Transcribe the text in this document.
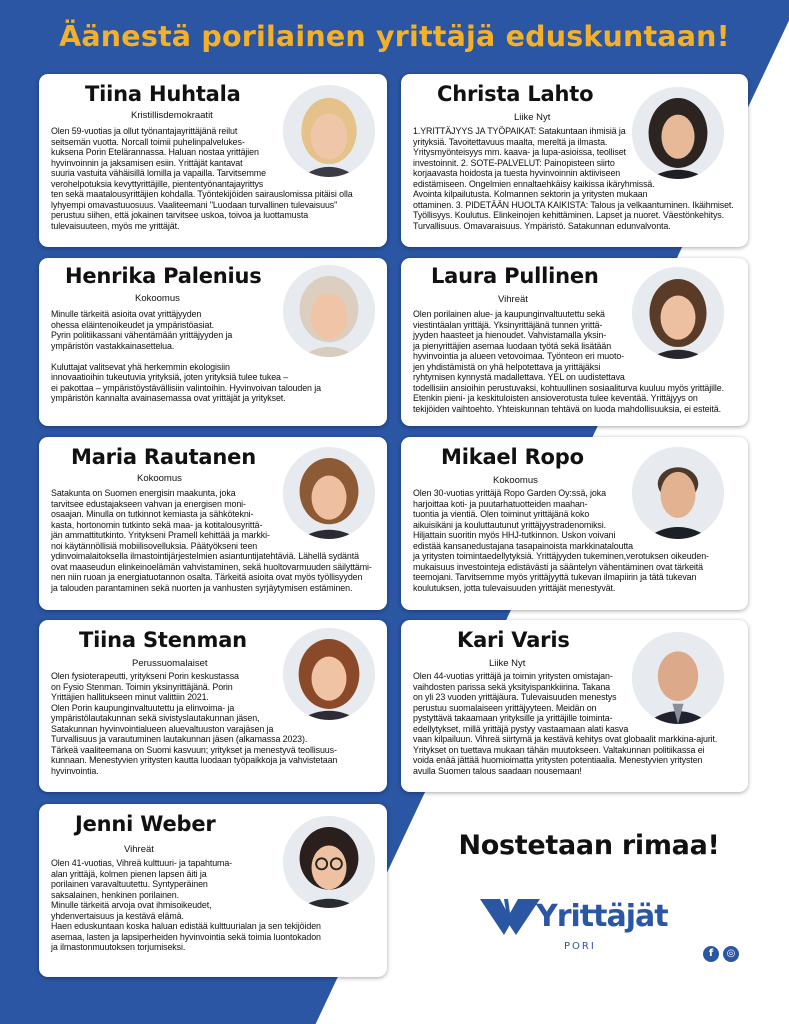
Äänestä porilainen yrittäjä eduskuntaan!
Tiina Huhtala
Kristillisdemokraatit
Olen 59-vuotias ja ollut työnantajayrittäjänä reilut
seitsemän vuotta. Norcall toimii puhelinpalvelukes-
kuksena Porin Etelärannassa. Haluan nostaa yrittäjien
hyvinvoinnin ja jaksamisen esiin. Yrittäjät kantavat
suuria vastuita vähäisillä lomilla ja vapailla. Tarvitsemme
verohelpotuksia kevyttyrittäjille, piententyönantajayrittys
ten sekä maatalousyrittäjien kohdalla. Työntekijöiden sairauslomissa pitäisi olla
lyhyempi omavastuuosuus. Vaaliteemani "Luodaan turvallinen tulevaisuus"
perustuu siihen, että jokainen tarvitsee uskoa, toivoa ja luottamusta
tulevaisuuteen, myös me yrittäjät.
Christa Lahto
Liike Nyt
1.YRITTÄJYYS JA TYÖPAIKAT: Satakuntaan ihmisiä ja
yrityksiä. Tavoitettavuus maalta, mereltä ja ilmasta.
Yritysmyönteisyys mm. kaava- ja lupa-asioissa, teolliset
investoinnit. 2. SOTE-PALVELUT: Painopisteen siirto
korjaavasta hoidosta ja tuesta hyvinvoinnin aktiiviseen
edistämiseen. Ongelmien ennaltaehkäisy kaikissa ikäryhmissä.
Avointa kilpailutusta. Kolmannen sektorin ja yritysten mukaan
ottaminen. 3. PIDETÄÄN HUOLTA KAIKISTA: Talous ja velkaantuminen. Ikäihmiset.
Työllisyys. Koulutus. Elinkeinojen kehittäminen. Lapset ja nuoret. Väestönkehitys.
Turvallisuus. Omavaraisuus. Ympäristö. Satakunnan edunvalvonta.
Henrika Palenius
Kokoomus
Minulle tärkeitä asioita ovat yrittäjyyden
ohessa eläintenoikeudet ja ympäristöasiat.
Pyrin politiikassani vähentämään yrittäjyyden ja
ympäristön vastakkainasettelua.

Kuluttajat valitsevat yhä herkemmin ekologisiin
innovaatioihin tukeutuvia yrityksiä, joten yrityksiä tulee tukea –
ei pakottaa – ympäristöystävällisiin valintoihin. Hyvinvoivan talouden ja
ympäristön kannalta avainasemassa ovat yrittäjät ja yritykset.
Laura Pullinen
Vihreät
Olen porilainen alue- ja kaupunginvaltuutettu sekä
viestintäalan yrittäjä. Yksinyrittäjänä tunnen yrittä-
jyyden haasteet ja hienoudet. Vahvistamalla yksin-
ja pienyrittäjien asemaa luodaan työtä sekä lisätään
hyvinvointia ja alueen vetovoimaa. Työnteon eri muoto-
jen yhdistämistä on yhä helpotettava ja yrittäjäksi
ryhtymisen kynnystä madallettava. YEL on uudistettava
todellisiin ansioihin perustuvaksi, kohtuullinen sosiaaliturva kuuluu myös yrittäjille.
Etenkin pieni- ja keskituloisten ansioverotusta tulee keventää. Yrittäjyys on
tekijöiden vaihtoehto. Yhteiskunnan tehtävä on luoda mahdollisuuksia, ei esteitä.
Maria Rautanen
Kokoomus
Satakunta on Suomen energisin maakunta, joka
tarvitsee edustajakseen vahvan ja energisen moni-
osaajan. Minulla on tutkinnot kemiasta ja sähkötekni-
kasta, hortonomin tutkinto sekä maa- ja kotitalousyrittä-
jän ammattitutkinto. Yritykseni Pramell kehittää ja markki-
noi käytännöllisiä mobiilisovelluksia. Päätyökseni teen
ydinvoimalaitoksella ilmastointijärjestelmien asiantuntijatehtäviä. Lähellä sydäntä
ovat maaseudun elinkeinoelämän vahvistaminen, sekä huoltovarmuuden säilyttämi-
nen niin ruoan ja energiatuotannon osalta. Tärkeitä asioita ovat myös työllisyyden
ja talouden parantaminen sekä nuorten ja vanhusten syrjäytymisen estäminen.
Mikael Ropo
Kokoomus
Olen 30-vuotias yrittäjä Ropo Garden Oy:ssä, joka
harjoittaa koti- ja puutarhatuotteiden maahan-
tuontia ja vientiä. Olen toiminut yrittäjänä koko
aikuisikäni ja kouluttautunut yrittäjyystradenomiksi.
Hiljattain suoritin myös HHJ-tutkinnon. Uskon voivani
edistää kansanedustajana tasapainoista markkinataloutta
ja yritysten toimintaedellytyksiä. Yrittäjyyden tukeminen,verotuksen oikeuden-
mukaisuus investointeja edistävästi ja sääntelyn vähentäminen ovat tärkeitä
teemojani. Tarvitsemme myös yrittäjyyttä tukevan ilmapiirin ja tätä tukevan
koulutuksen, jotta tulevaisuuden yrittäjät menestyvät.
Tiina Stenman
Perussuomalaiset
Olen fysioterapeutti, yritykseni Porin keskustassa
on Fysio Stenman. Toimin yksinyrittäjänä. Porin
Yrittäjien hallitukseen minut valittiin 2021.
Olen Porin kaupunginvaltuutettu ja elinvoima- ja
ympäristölautakunnan sekä sivistyslautakunnan jäsen,
Satakunnan hyvinvointialueen aluevaltuuston varajäsen ja
Turvallisuus ja varautuminen lautakunnan jäsen (alkamassa 2023).
Tärkeä vaaliteemana on Suomi kasvuun; yritykset ja menestyvä teollisuus-
kunnaan. Menestyvien yritysten kautta luodaan työpaikkoja ja vahvistetaan
hyvinvointia.
Kari Varis
Liike Nyt
Olen 44-vuotias yrittäjä ja toimin yritysten omistajan-
vaihdosten parissa sekä yksityispankkiirina. Takana
on yli 23 vuoden yrittäjäura. Tulevaisuuden menestys
perustuu suomalaiseen yrittäjyyteen. Meidän on
pystyttävä takaamaan yrityksille ja yrittäjille toiminta-
edellytykset, millä yrittäjä pystyy vastaamaan alati kasva
vaan kilpailuun. Vihreä siirtymä ja kestävä kehitys ovat globaalit markkina-ajurit.
Yritykset on tuettava mukaan tähän muutokseen. Valtakunnan politiikassa ei
voida enää jättää huomioimatta yritysten potentiaalia. Menestyvien yritysten
avulla Suomen talous saadaan nousemaan!
Jenni Weber
Vihreät
Olen 41-vuotias, Vihreä kulttuuri- ja tapahtuma-
alan yrittäjä, kolmen pienen lapsen äiti ja
porilainen varavaltuutettu. Syntyperäinen
saksalainen, henkinen porilainen.
Minulle tärkeitä arvoja ovat ihmisoikeudet,
yhdenvertaisuus ja kestävä elämä.
Haen eduskuntaan koska haluan edistää kulttuurialan ja sen tekijöiden
asemaa, lasten ja lapsiperheiden hyvinvointia sekä toimia luontokadon
ja ilmastonmuutoksen torjumiseksi.
Nostetaan rimaa!
Yrittäjät
PORI
f	◎
